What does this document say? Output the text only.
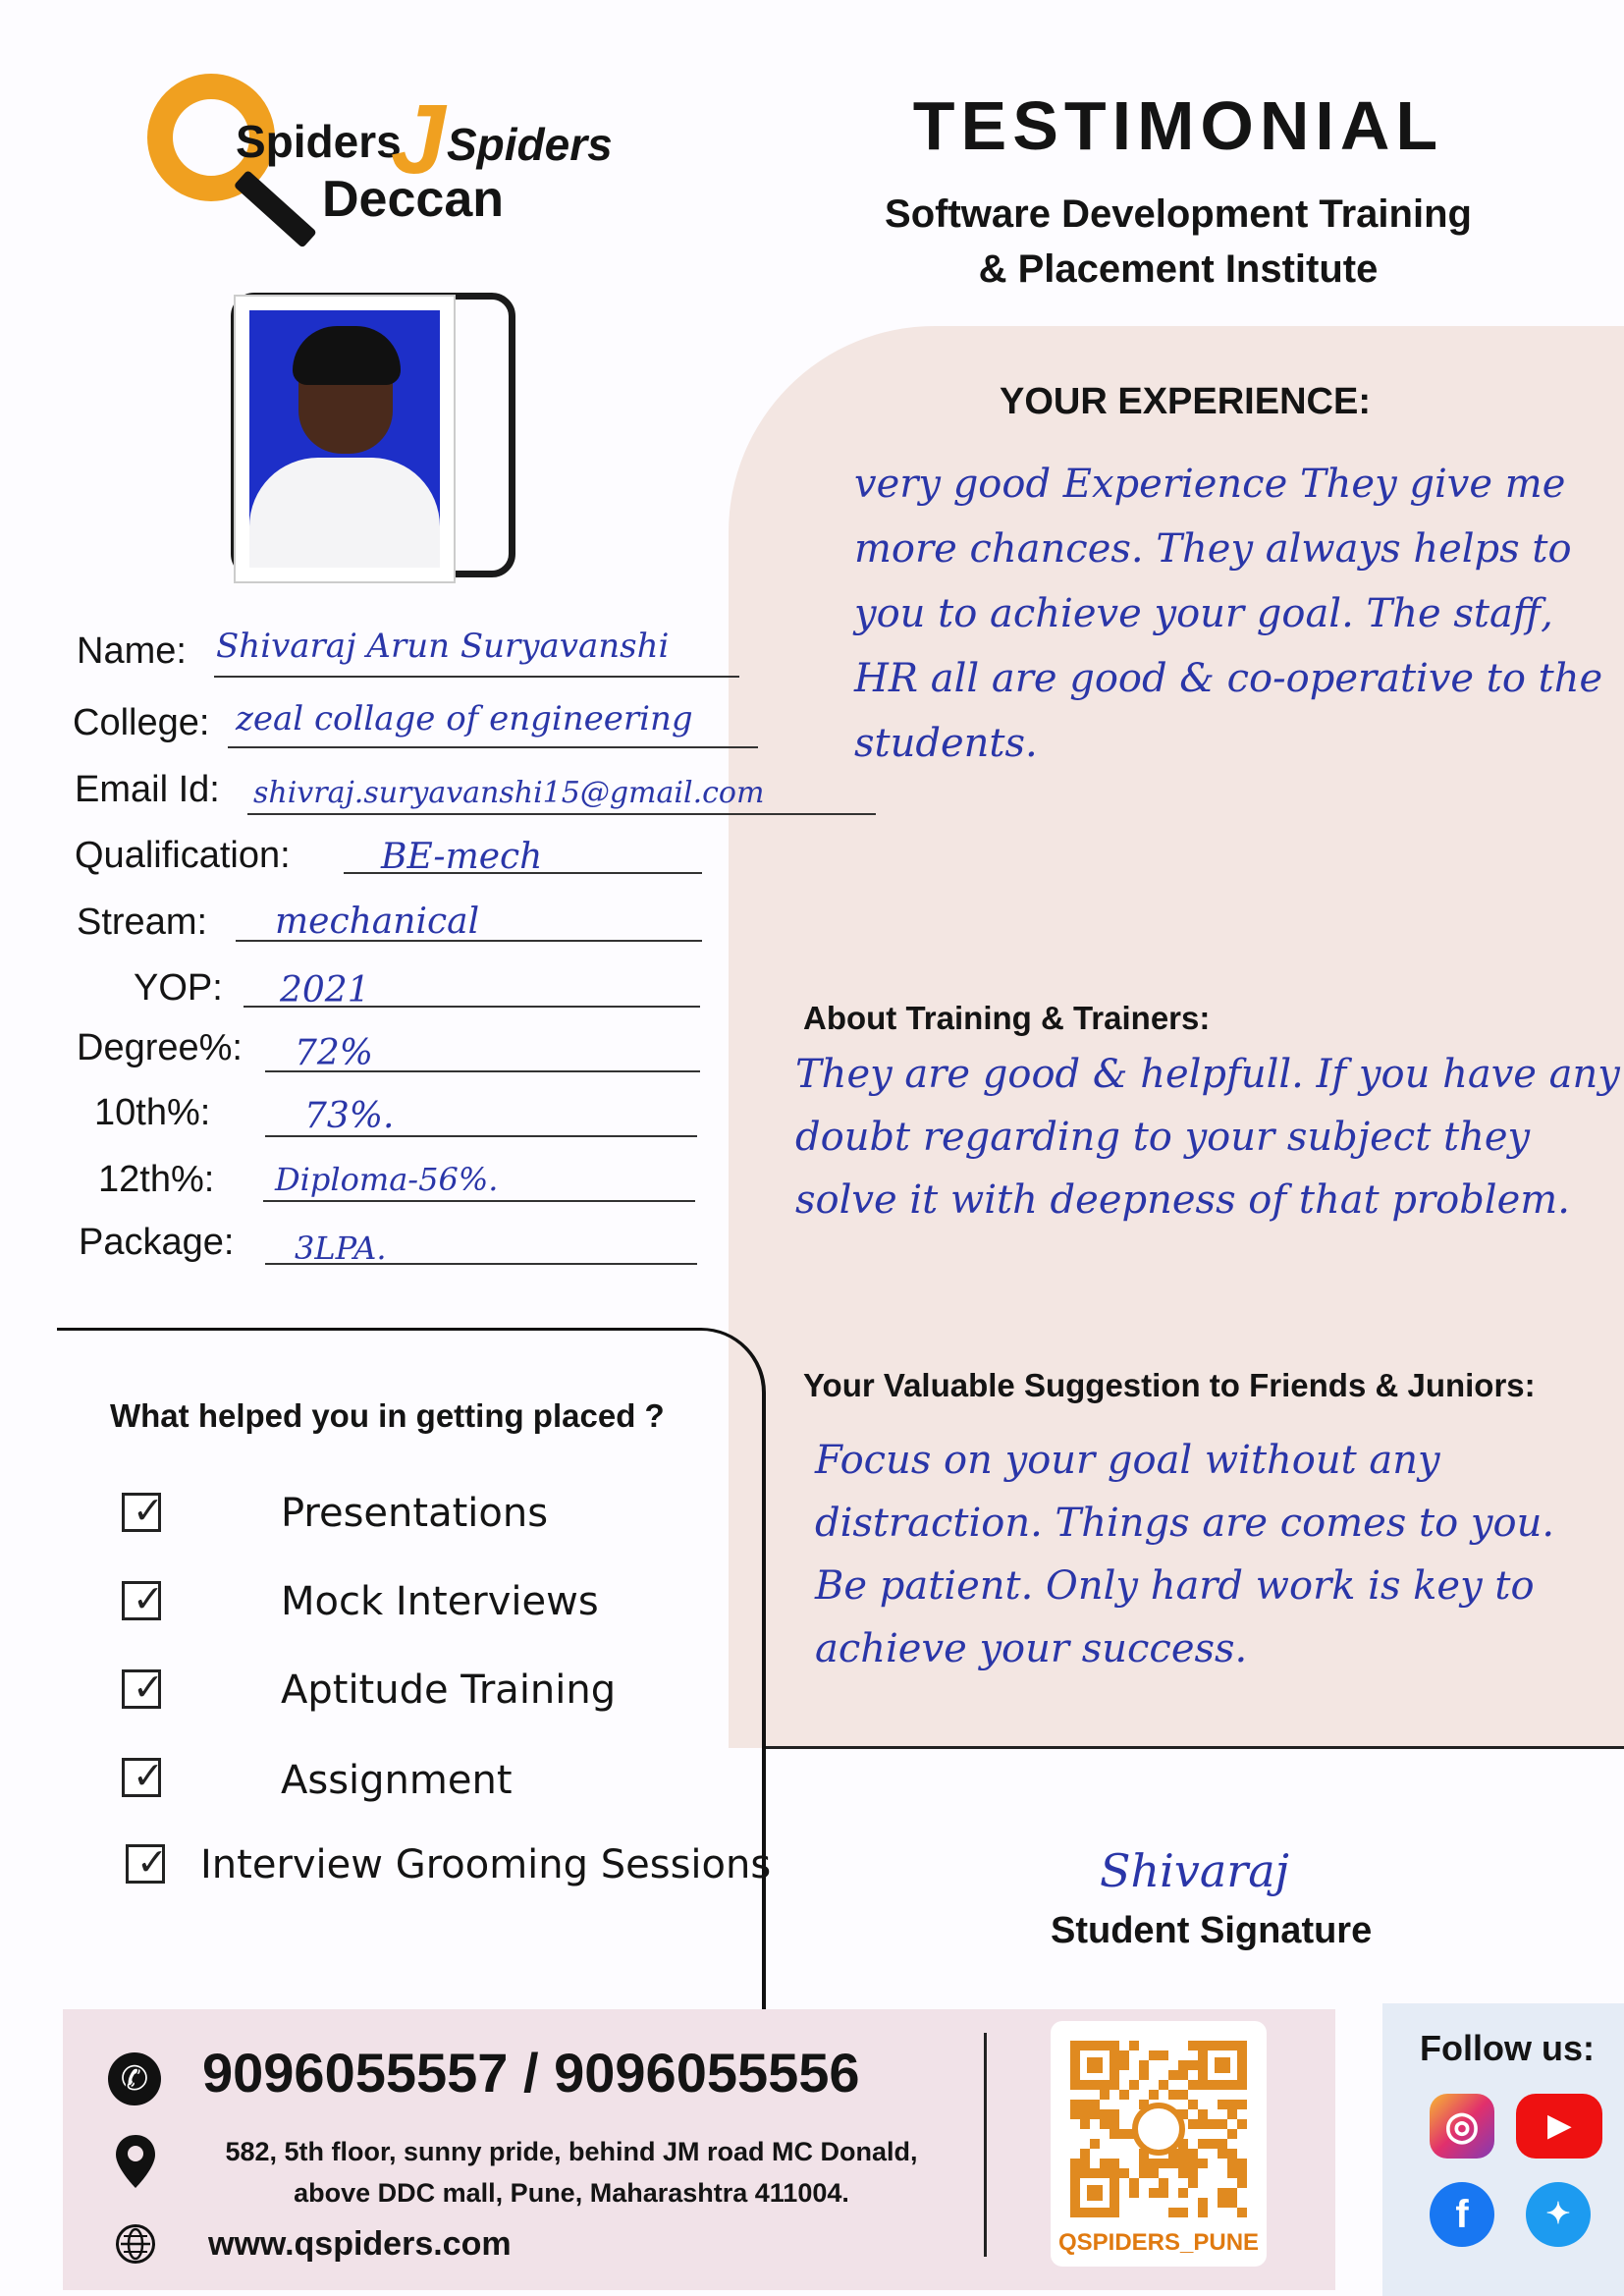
Spiders
J Spiders
Deccan
TESTIMONIAL
Software Development Training
& Placement Institute
YOUR EXPERIENCE:
very good Experience They give me more chances. They always helps to you to achieve your goal. The staff, HR all are good & co-operative to the students.
About Training & Trainers:
They are good & helpfull. If you have any doubt regarding to your subject they solve it with deepness of that problem.
Your Valuable Suggestion to Friends & Juniors:
Focus on your goal without any distraction. Things are comes to you. Be patient. Only hard work is key to achieve your success.
Shivaraj
Student Signature
Name: Shivaraj Arun Suryavanshi
College: zeal collage of engineering
Email Id: shivraj.suryavanshi15@gmail.com
Qualification:	BE-mech
Stream: mechanical
YOP: 2021
Degree%: 72%
10th%:	73%.
12th%: Diploma-56%.
Package: 3LPA.
What helped you in getting placed ?
✓	Presentations
✓	Mock Interviews
✓	Aptitude Training
✓	Assignment
✓ Interview Grooming Sessions
✆ 9096055557 / 9096055556
582, 5th floor, sunny pride, behind JM road MC Donald,
above DDC mall, Pune, Maharashtra 411004.
www.qspiders.com	QSPIDERS_PUNE
Follow us:
◎	▶
f	✦
